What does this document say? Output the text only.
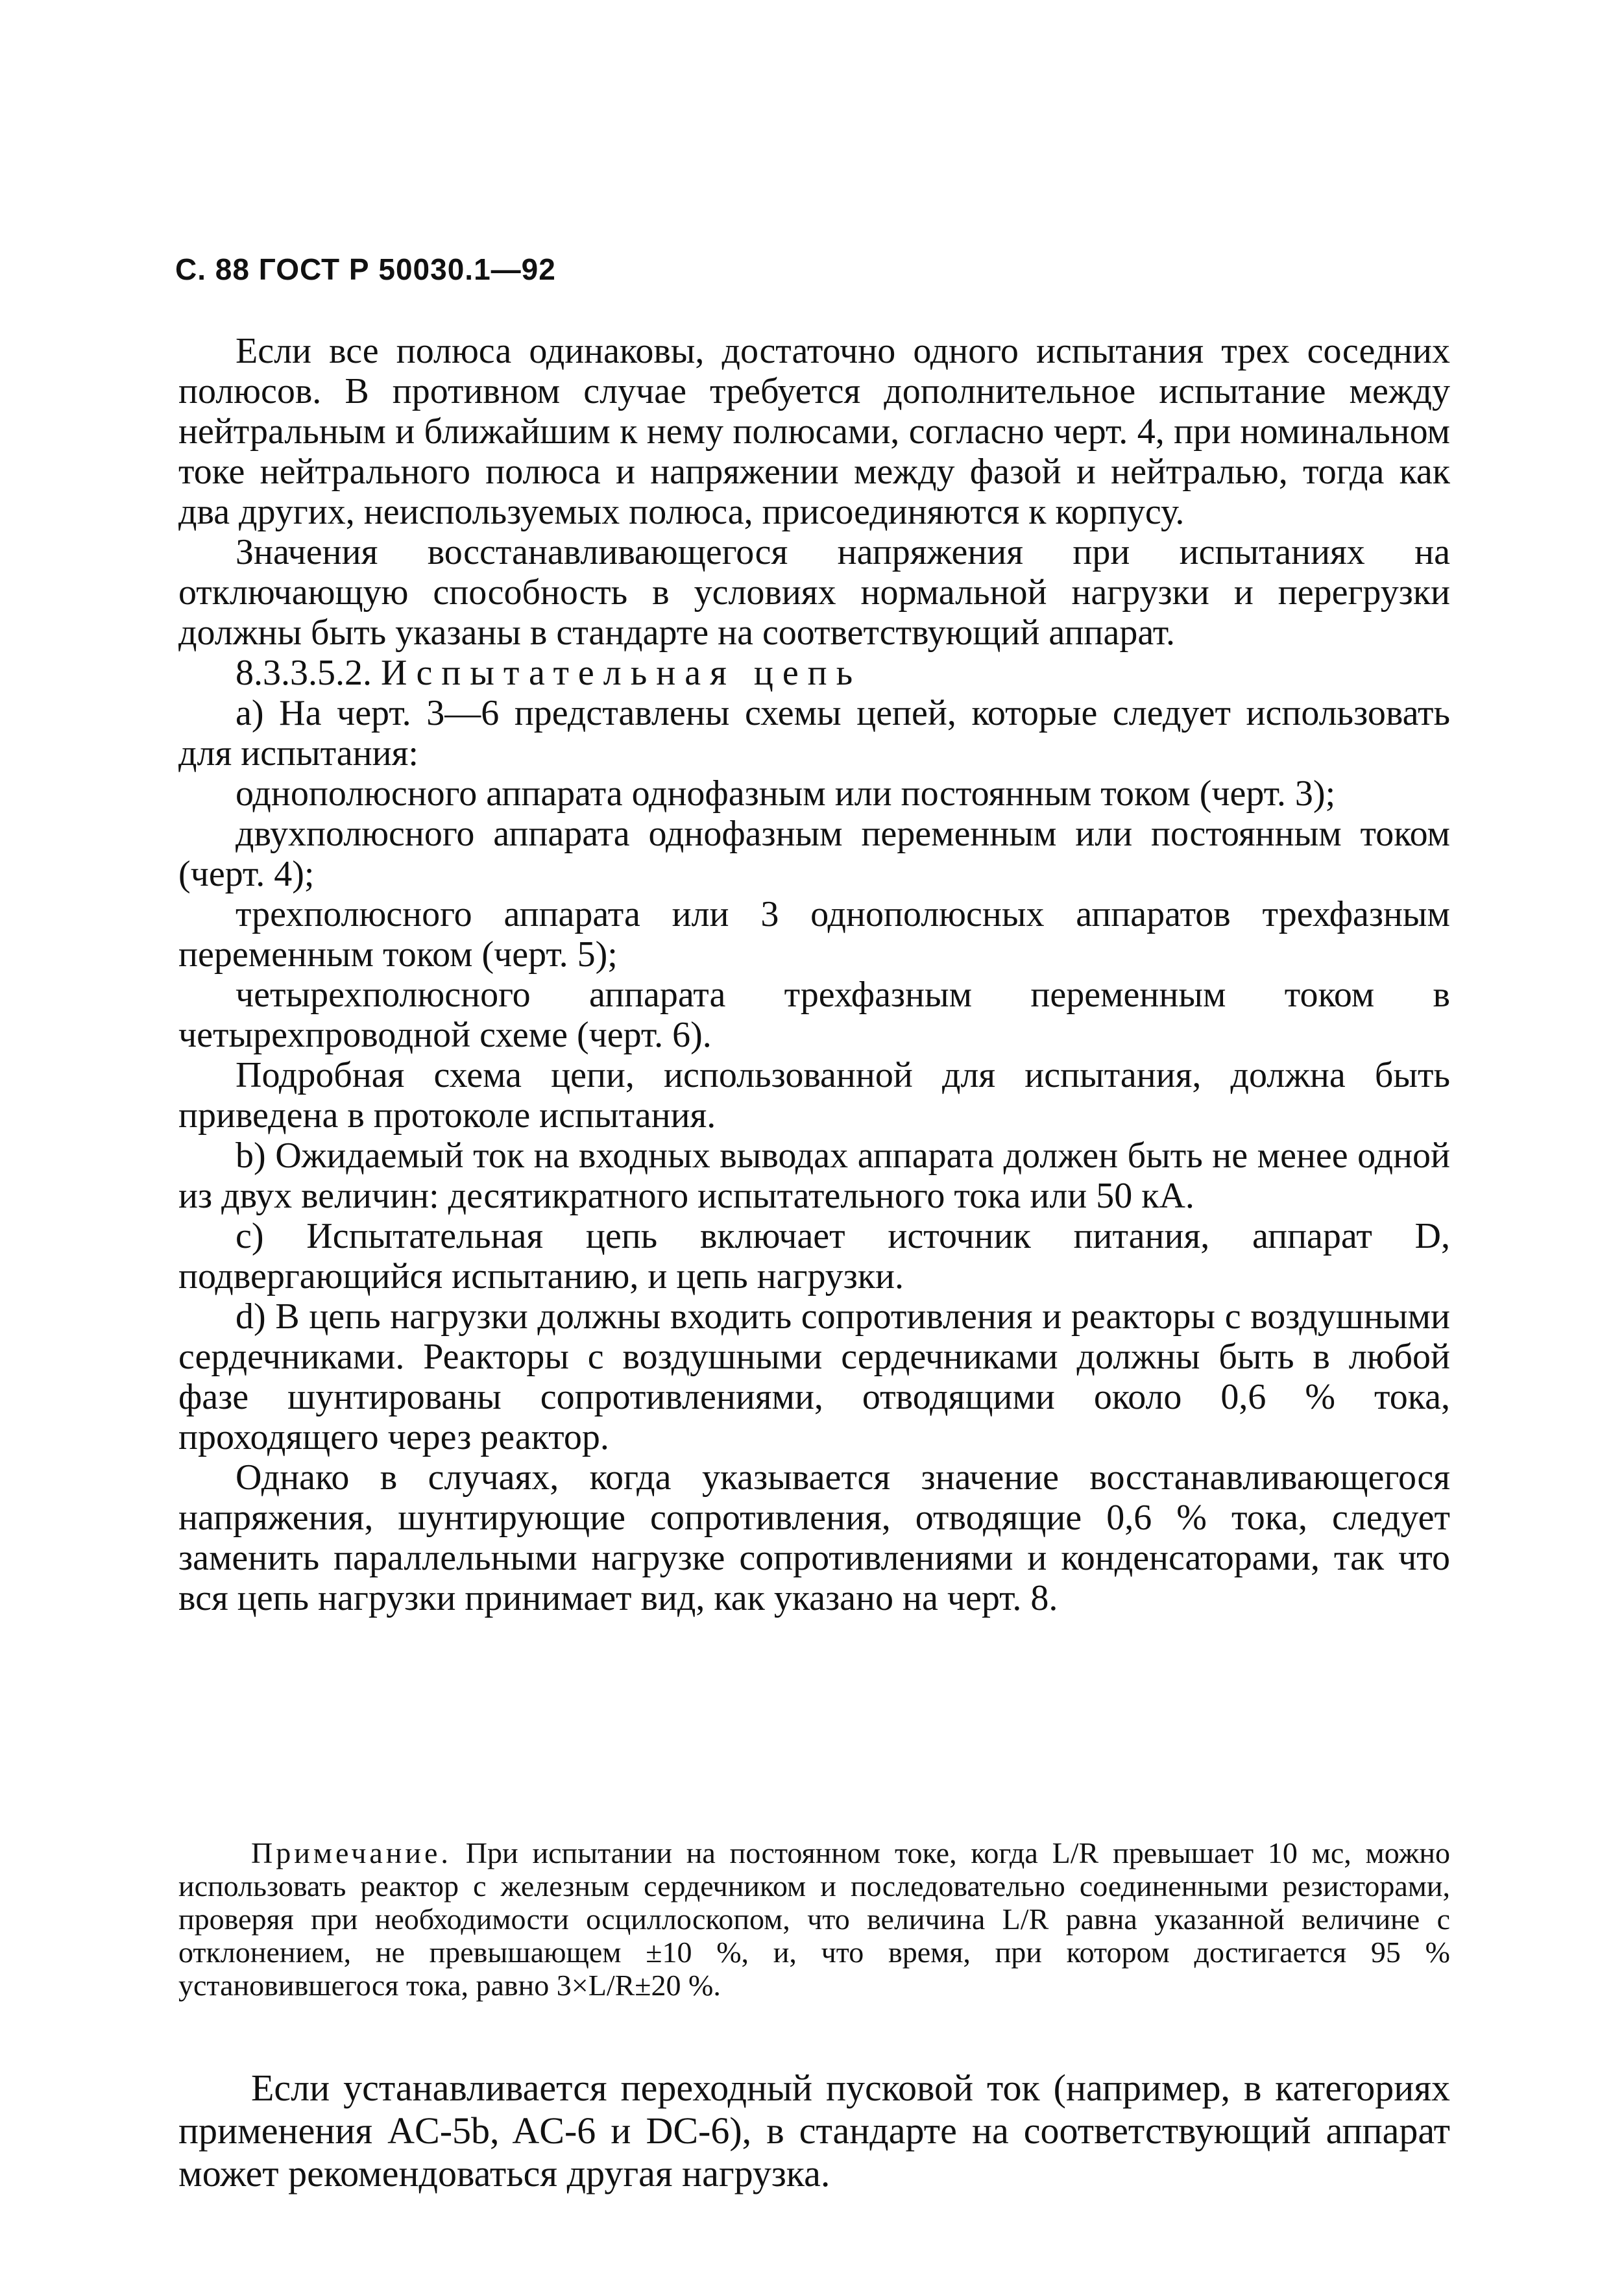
С. 88 ГОСТ Р 50030.1—92

Если все полюса одинаковы, достаточно одного испытания трех соседних полюсов. В противном случае требуется дополнительное испытание между нейтральным и ближайшим к нему полюсами, согласно черт. 4, при номинальном токе нейтрального полюса и напряжении между фазой и нейтралью, тогда как два других, неиспользуемых полюса, присоединяются к корпусу.

Значения восстанавливающегося напряжения при испытаниях на отключающую способность в условиях нормальной нагрузки и перегрузки должны быть указаны в стандарте на соответствующий аппарат.

8.3.3.5.2. Испытательная цепь

a) На черт. 3—6 представлены схемы цепей, которые следует использовать для испытания:

однополюсного аппарата однофазным или постоянным током (черт. 3);

двухполюсного аппарата однофазным переменным или постоянным током (черт. 4);

трехполюсного аппарата или 3 однополюсных аппаратов трехфазным переменным током (черт. 5);

четырехполюсного аппарата трехфазным переменным током в четырехпроводной схеме (черт. 6).

Подробная схема цепи, использованной для испытания, должна быть приведена в протоколе испытания.

b) Ожидаемый ток на входных выводах аппарата должен быть не менее одной из двух величин: десятикратного испытательного тока или 50 кА.

c) Испытательная цепь включает источник питания, аппарат D, подвергающийся испытанию, и цепь нагрузки.

d) В цепь нагрузки должны входить сопротивления и реакторы с воздушными сердечниками. Реакторы с воздушными сердечниками должны быть в любой фазе шунтированы сопротивлениями, отводящими около 0,6 % тока, проходящего через реактор.

Однако в случаях, когда указывается значение восстанавливающегося напряжения, шунтирующие сопротивления, отводящие 0,6 % тока, следует заменить параллельными нагрузке сопротивлениями и конденсаторами, так что вся цепь нагрузки принимает вид, как указано на черт. 8.

Примечание. При испытании на постоянном токе, когда L/R превышает 10 мс, можно использовать реактор с железным сердечником и последовательно соединенными резисторами, проверяя при необходимости осциллоскопом, что величина L/R равна указанной величине с отклонением, не превышающем ±10 %, и, что время, при котором достигается 95 % установившегося тока, равно 3×L/R±20 %.

Если устанавливается переходный пусковой ток (например, в категориях применения AC-5b, AC-6 и DC-6), в стандарте на соответствующий аппарат может рекомендоваться другая нагрузка.
